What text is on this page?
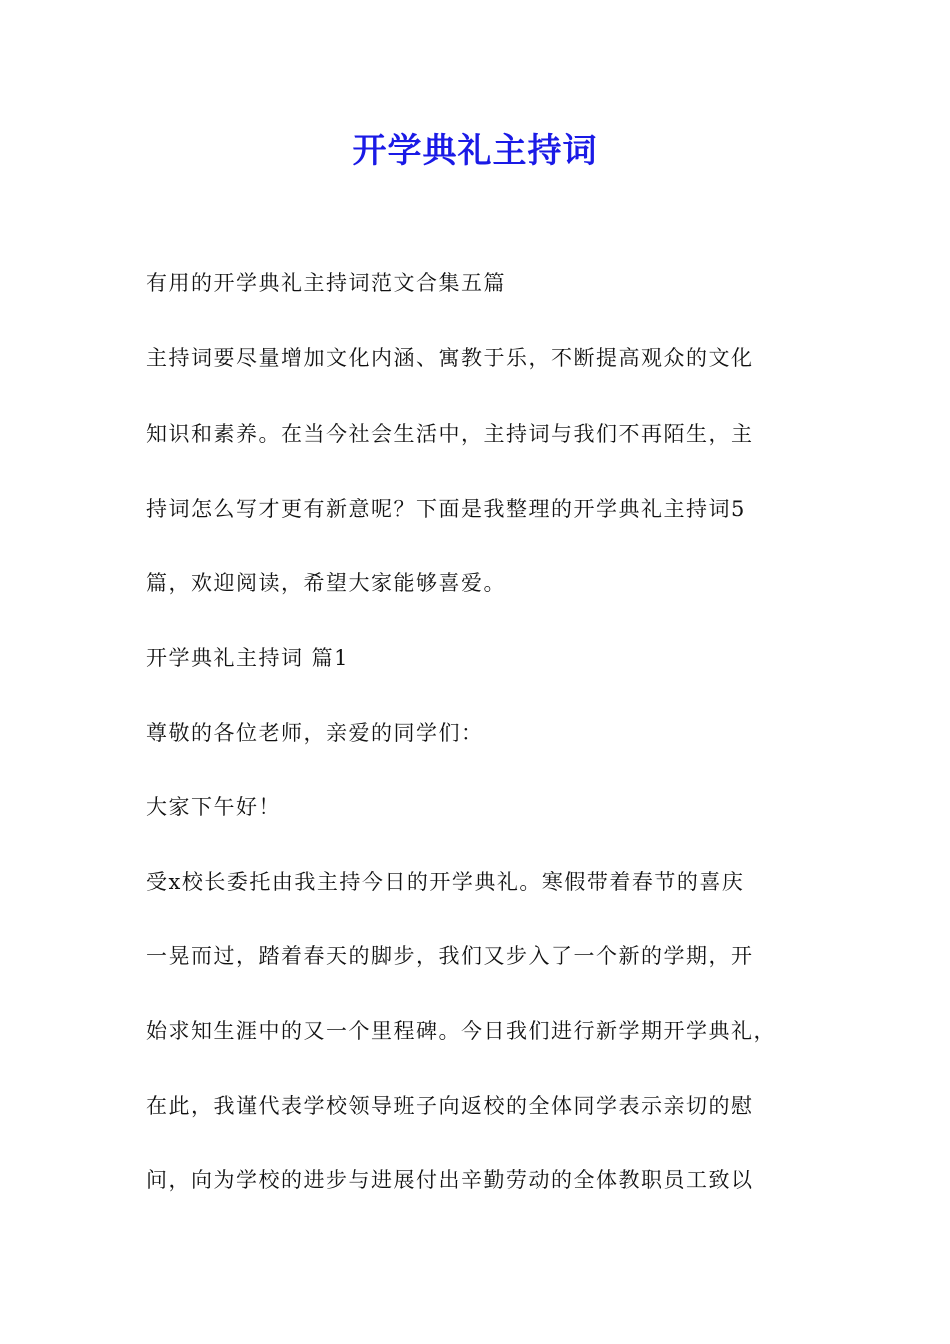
开学典礼主持词
有用的开学典礼主持词范文合集五篇
主持词要尽量增加文化内涵、寓教于乐，不断提高观众的文化
知识和素养。在当今社会生活中，主持词与我们不再陌生，主
持词怎么写才更有新意呢？下面是我整理的开学典礼主持词5
篇，欢迎阅读，希望大家能够喜爱。
开学典礼主持词 篇1
尊敬的各位老师，亲爱的同学们：
大家下午好！
受x校长委托由我主持今日的开学典礼。寒假带着春节的喜庆
一晃而过，踏着春天的脚步，我们又步入了一个新的学期，开
始求知生涯中的又一个里程碑。今日我们进行新学期开学典礼，
在此，我谨代表学校领导班子向返校的全体同学表示亲切的慰
问，向为学校的进步与进展付出辛勤劳动的全体教职员工致以
